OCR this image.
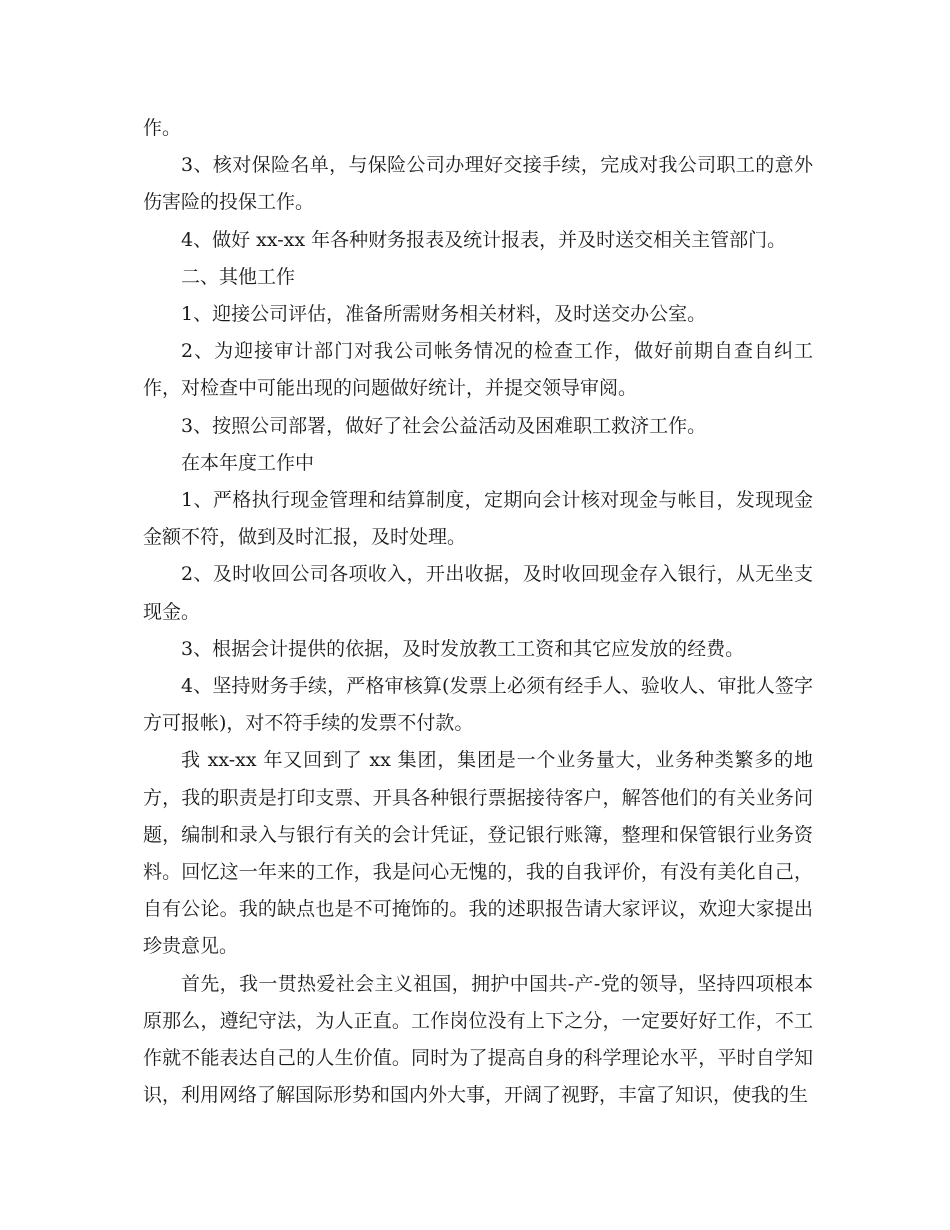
作。

3、核对保险名单，与保险公司办理好交接手续，完成对我公司职工的意外伤害险的投保工作。

4、做好 xx-xx 年各种财务报表及统计报表，并及时送交相关主管部门。

二、其他工作

1、迎接公司评估，准备所需财务相关材料，及时送交办公室。

2、为迎接审计部门对我公司帐务情况的检查工作，做好前期自查自纠工作，对检查中可能出现的问题做好统计，并提交领导审阅。

3、按照公司部署，做好了社会公益活动及困难职工救济工作。

在本年度工作中

1、严格执行现金管理和结算制度，定期向会计核对现金与帐目，发现现金金额不符，做到及时汇报，及时处理。

2、及时收回公司各项收入，开出收据，及时收回现金存入银行，从无坐支现金。

3、根据会计提供的依据，及时发放教工工资和其它应发放的经费。

4、坚持财务手续，严格审核算(发票上必须有经手人、验收人、审批人签字方可报帐)，对不符手续的发票不付款。

我 xx-xx 年又回到了 xx 集团，集团是一个业务量大，业务种类繁多的地方，我的职责是打印支票、开具各种银行票据接待客户，解答他们的有关业务问题，编制和录入与银行有关的会计凭证，登记银行账簿，整理和保管银行业务资料。回忆这一年来的工作，我是问心无愧的，我的自我评价，有没有美化自己，自有公论。我的缺点也是不可掩饰的。我的述职报告请大家评议，欢迎大家提出珍贵意见。

首先，我一贯热爱社会主义祖国，拥护中国共-产-党的领导，坚持四项根本原那么，遵纪守法，为人正直。工作岗位没有上下之分，一定要好好工作，不工作就不能表达自己的人生价值。同时为了提高自身的科学理论水平，平时自学知识，利用网络了解国际形势和国内外大事，开阔了视野，丰富了知识，使我的生
